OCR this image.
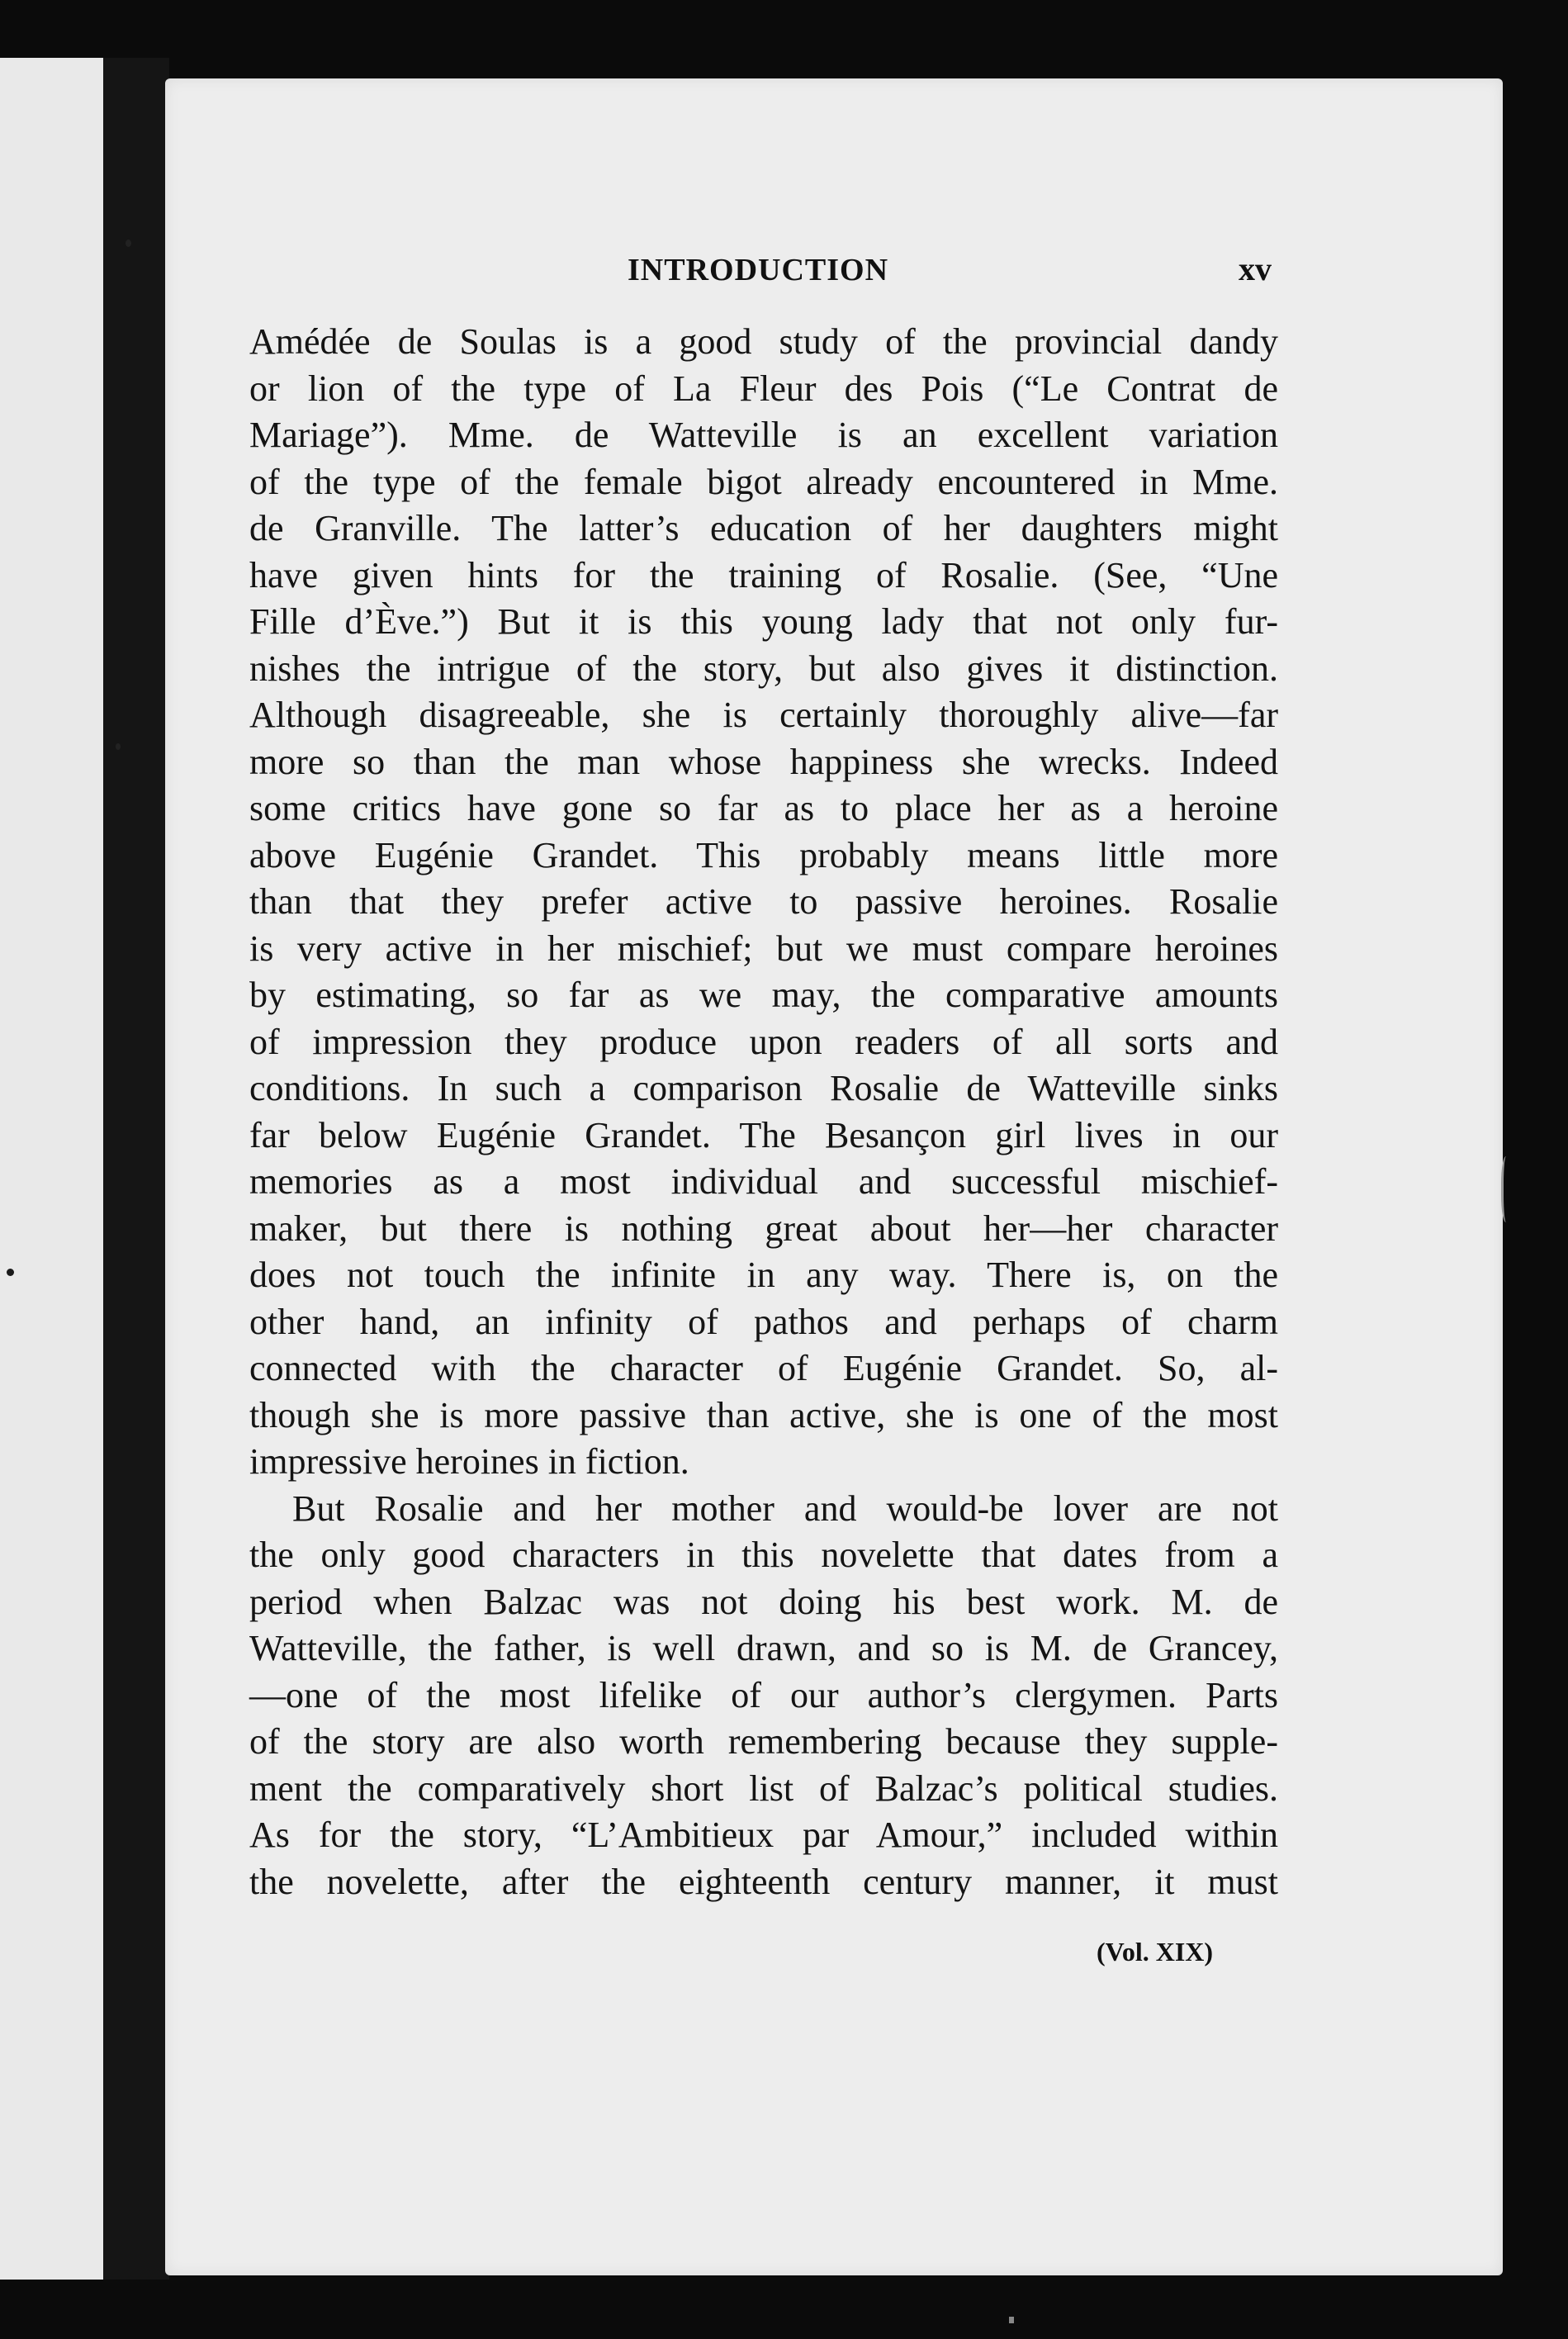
INTRODUCTION	xv
Amédée de Soulas is a good study of the provincial dandy
or lion of the type of La Fleur des Pois (“Le Contrat de
Mariage”). Mme. de Watteville is an excellent variation
of the type of the female bigot already encountered in Mme.
de Granville. The latter’s education of her daughters might
have given hints for the training of Rosalie. (See, “Une
Fille d’Ève.”) But it is this young lady that not only fur-
nishes the intrigue of the story, but also gives it distinction.
Although disagreeable, she is certainly thoroughly alive—far
more so than the man whose happiness she wrecks. Indeed
some critics have gone so far as to place her as a heroine
above Eugénie Grandet. This probably means little more
than that they prefer active to passive heroines. Rosalie
is very active in her mischief; but we must compare heroines
by estimating, so far as we may, the comparative amounts
of impression they produce upon readers of all sorts and
conditions. In such a comparison Rosalie de Watteville sinks
far below Eugénie Grandet. The Besançon girl lives in our
memories as a most individual and successful mischief-
maker, but there is nothing great about her—her character
does not touch the infinite in any way. There is, on the
other hand, an infinity of pathos and perhaps of charm
connected with the character of Eugénie Grandet. So, al-
though she is more passive than active, she is one of the most
impressive heroines in fiction.
But Rosalie and her mother and would-be lover are not
the only good characters in this novelette that dates from a
period when Balzac was not doing his best work. M. de
Watteville, the father, is well drawn, and so is M. de Grancey,
—one of the most lifelike of our author’s clergymen. Parts
of the story are also worth remembering because they supple-
ment the comparatively short list of Balzac’s political studies.
As for the story, “L’Ambitieux par Amour,” included within
the novelette, after the eighteenth century manner, it must
(Vol. XIX)
